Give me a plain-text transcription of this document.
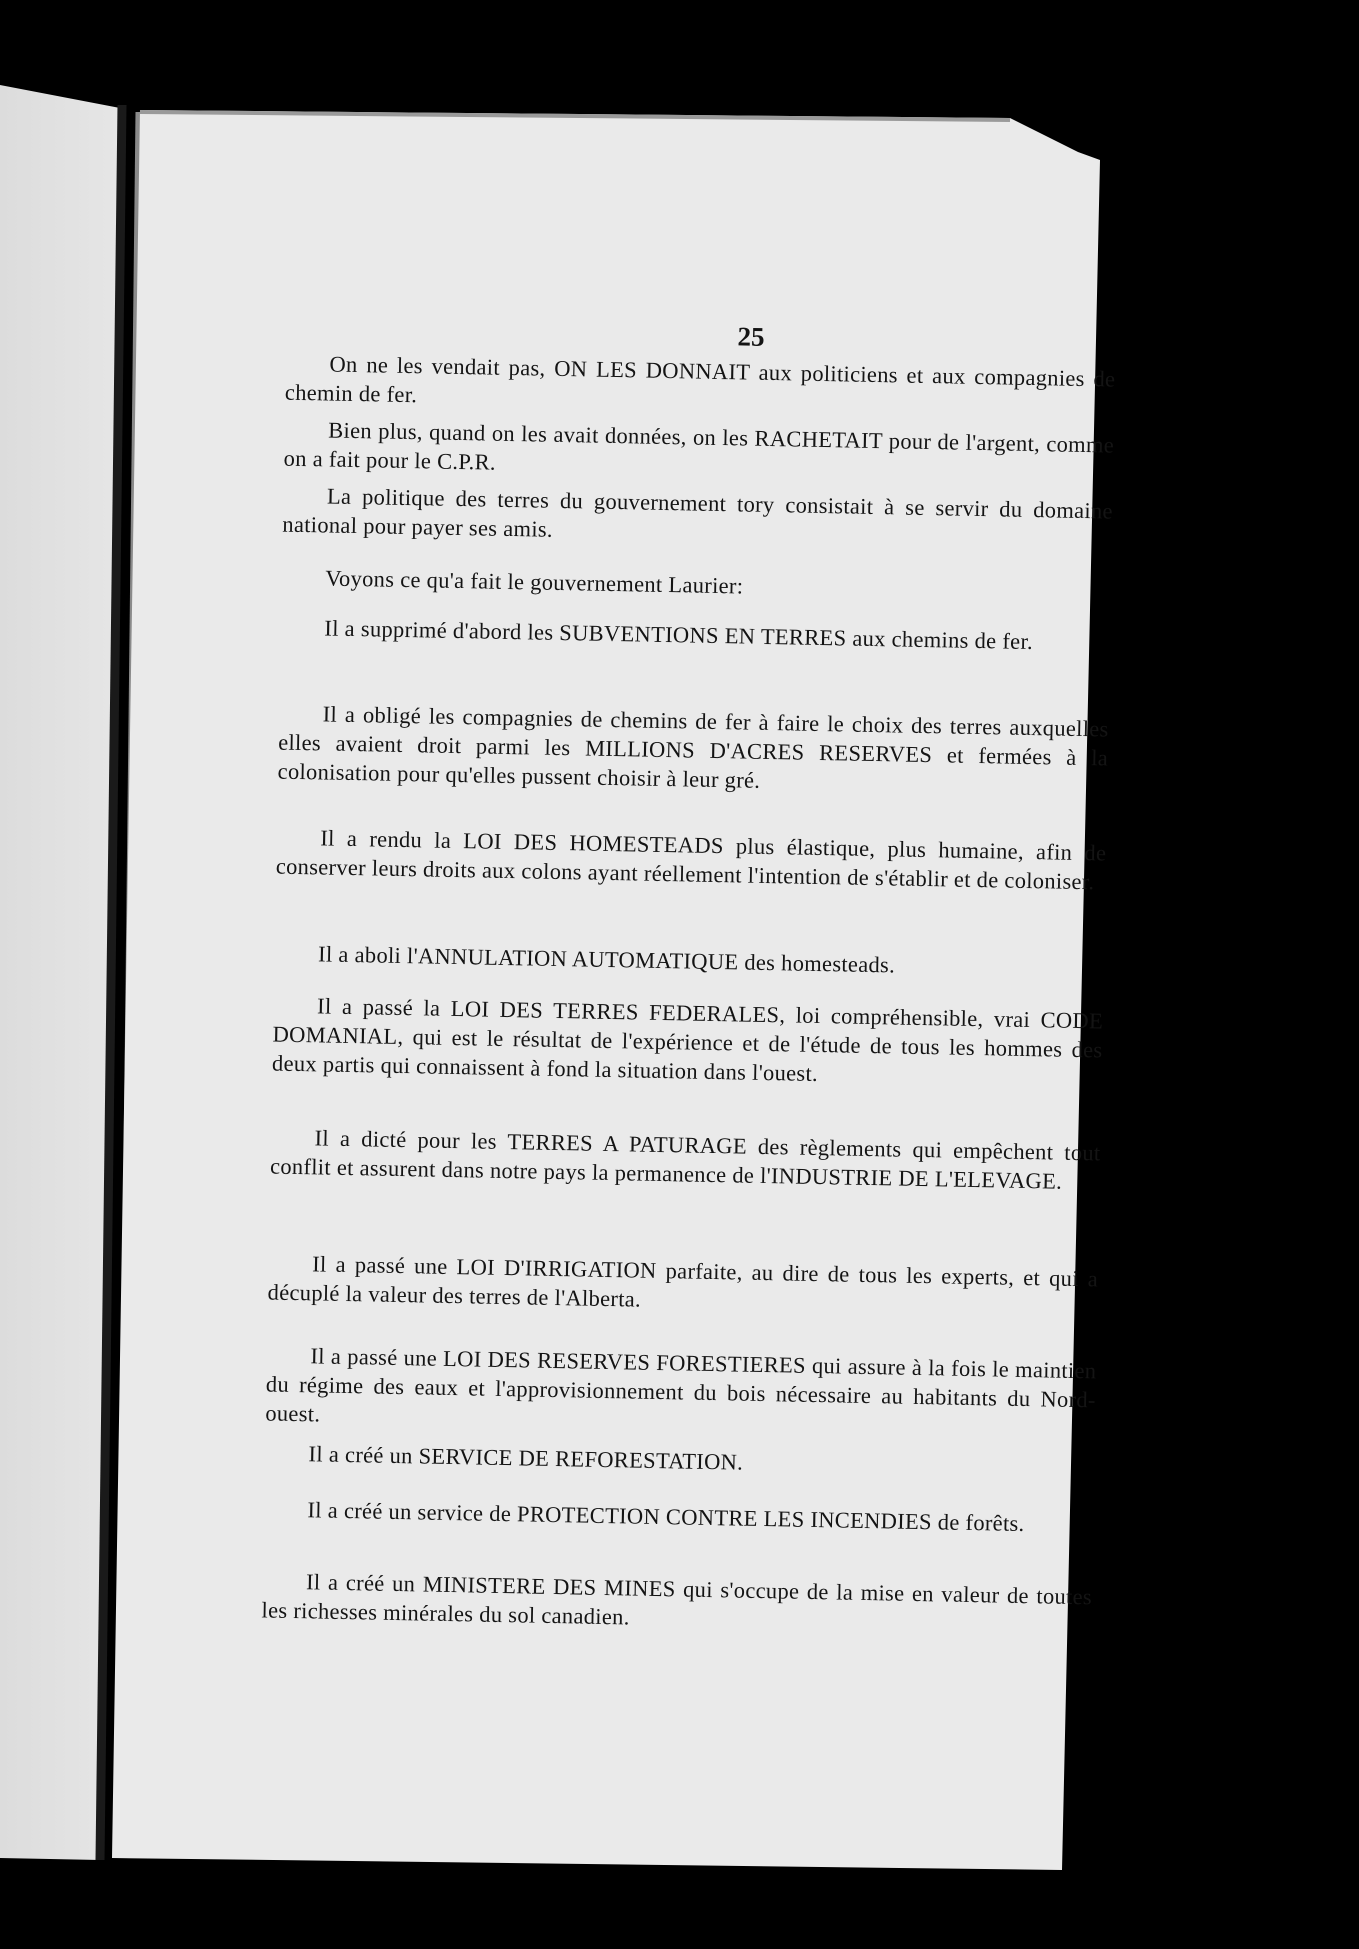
25
On ne les vendait pas, ON LES DONNAIT aux politiciens et aux compagnies de chemin de fer.
Bien plus, quand on les avait données, on les RACHETAIT pour de l'argent, comme on a fait pour le C.P.R.
La politique des terres du gouvernement tory consistait à se servir du domaine national pour payer ses amis.
Voyons ce qu'a fait le gouvernement Laurier:
Il a supprimé d'abord les SUBVENTIONS EN TERRES aux chemins de fer.
Il a obligé les compagnies de chemins de fer à faire le choix des terres auxquelles elles avaient droit parmi les MILLIONS D'ACRES RESERVES et fermées à la colonisation pour qu'elles pussent choisir à leur gré.
Il a rendu la LOI DES HOMESTEADS plus élastique, plus humaine, afin de conserver leurs droits aux colons ayant réellement l'intention de s'établir et de coloniser.
Il a aboli l'ANNULATION AUTOMATIQUE des homesteads.
Il a passé la LOI DES TERRES FEDERALES, loi compréhensible, vrai CODE DOMANIAL, qui est le résultat de l'expérience et de l'étude de tous les hommes des deux partis qui connaissent à fond la situation dans l'ouest.
Il a dicté pour les TERRES A PATURAGE des règlements qui empêchent tout conflit et assurent dans notre pays la permanence de l'INDUSTRIE DE L'ELEVAGE.
Il a passé une LOI D'IRRIGATION parfaite, au dire de tous les experts, et qui a décuplé la valeur des terres de l'Alberta.
Il a passé une LOI DES RESERVES FORESTIERES qui assure à la fois le maintien du régime des eaux et l'approvisionnement du bois nécessaire au habitants du Nord-ouest.
Il a créé un SERVICE DE REFORESTATION.
Il a créé un service de PROTECTION CONTRE LES INCENDIES de forêts.
Il a créé un MINISTERE DES MINES qui s'occupe de la mise en valeur de toutes les richesses minérales du sol canadien.
